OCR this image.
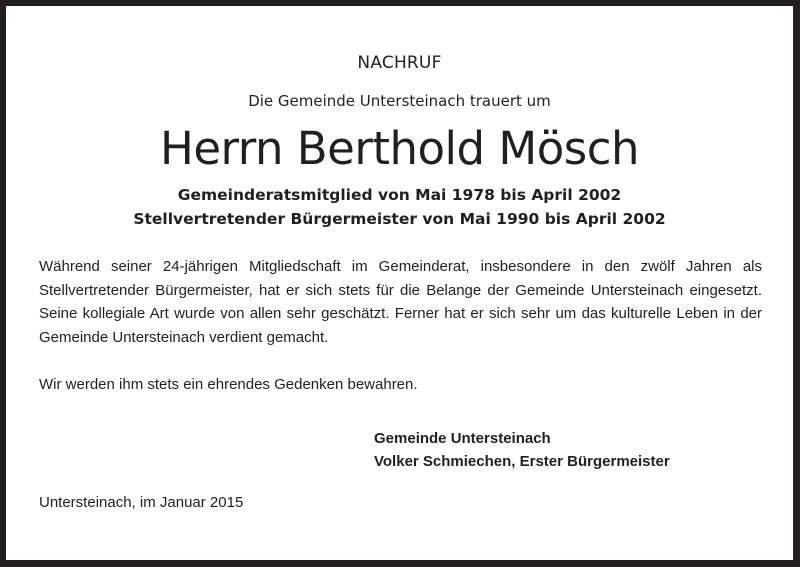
NACHRUF
Die Gemeinde Untersteinach trauert um
Herrn Berthold Mösch
Gemeinderatsmitglied von Mai 1978 bis April 2002
Stellvertretender Bürgermeister von Mai 1990 bis April 2002

Während seiner 24-jährigen Mitgliedschaft im Gemeinderat, insbesondere in den zwölf Jahren als Stellvertretender Bürgermeister, hat er sich stets für die Belange der Gemeinde Untersteinach eingesetzt. Seine kollegiale Art wurde von allen sehr geschätzt. Ferner hat er sich sehr um das kulturelle Leben in der Gemeinde Untersteinach verdient gemacht.

Wir werden ihm stets ein ehrendes Gedenken bewahren.
Gemeinde Untersteinach
Volker Schmiechen, Erster Bürgermeister
Untersteinach, im Januar 2015
